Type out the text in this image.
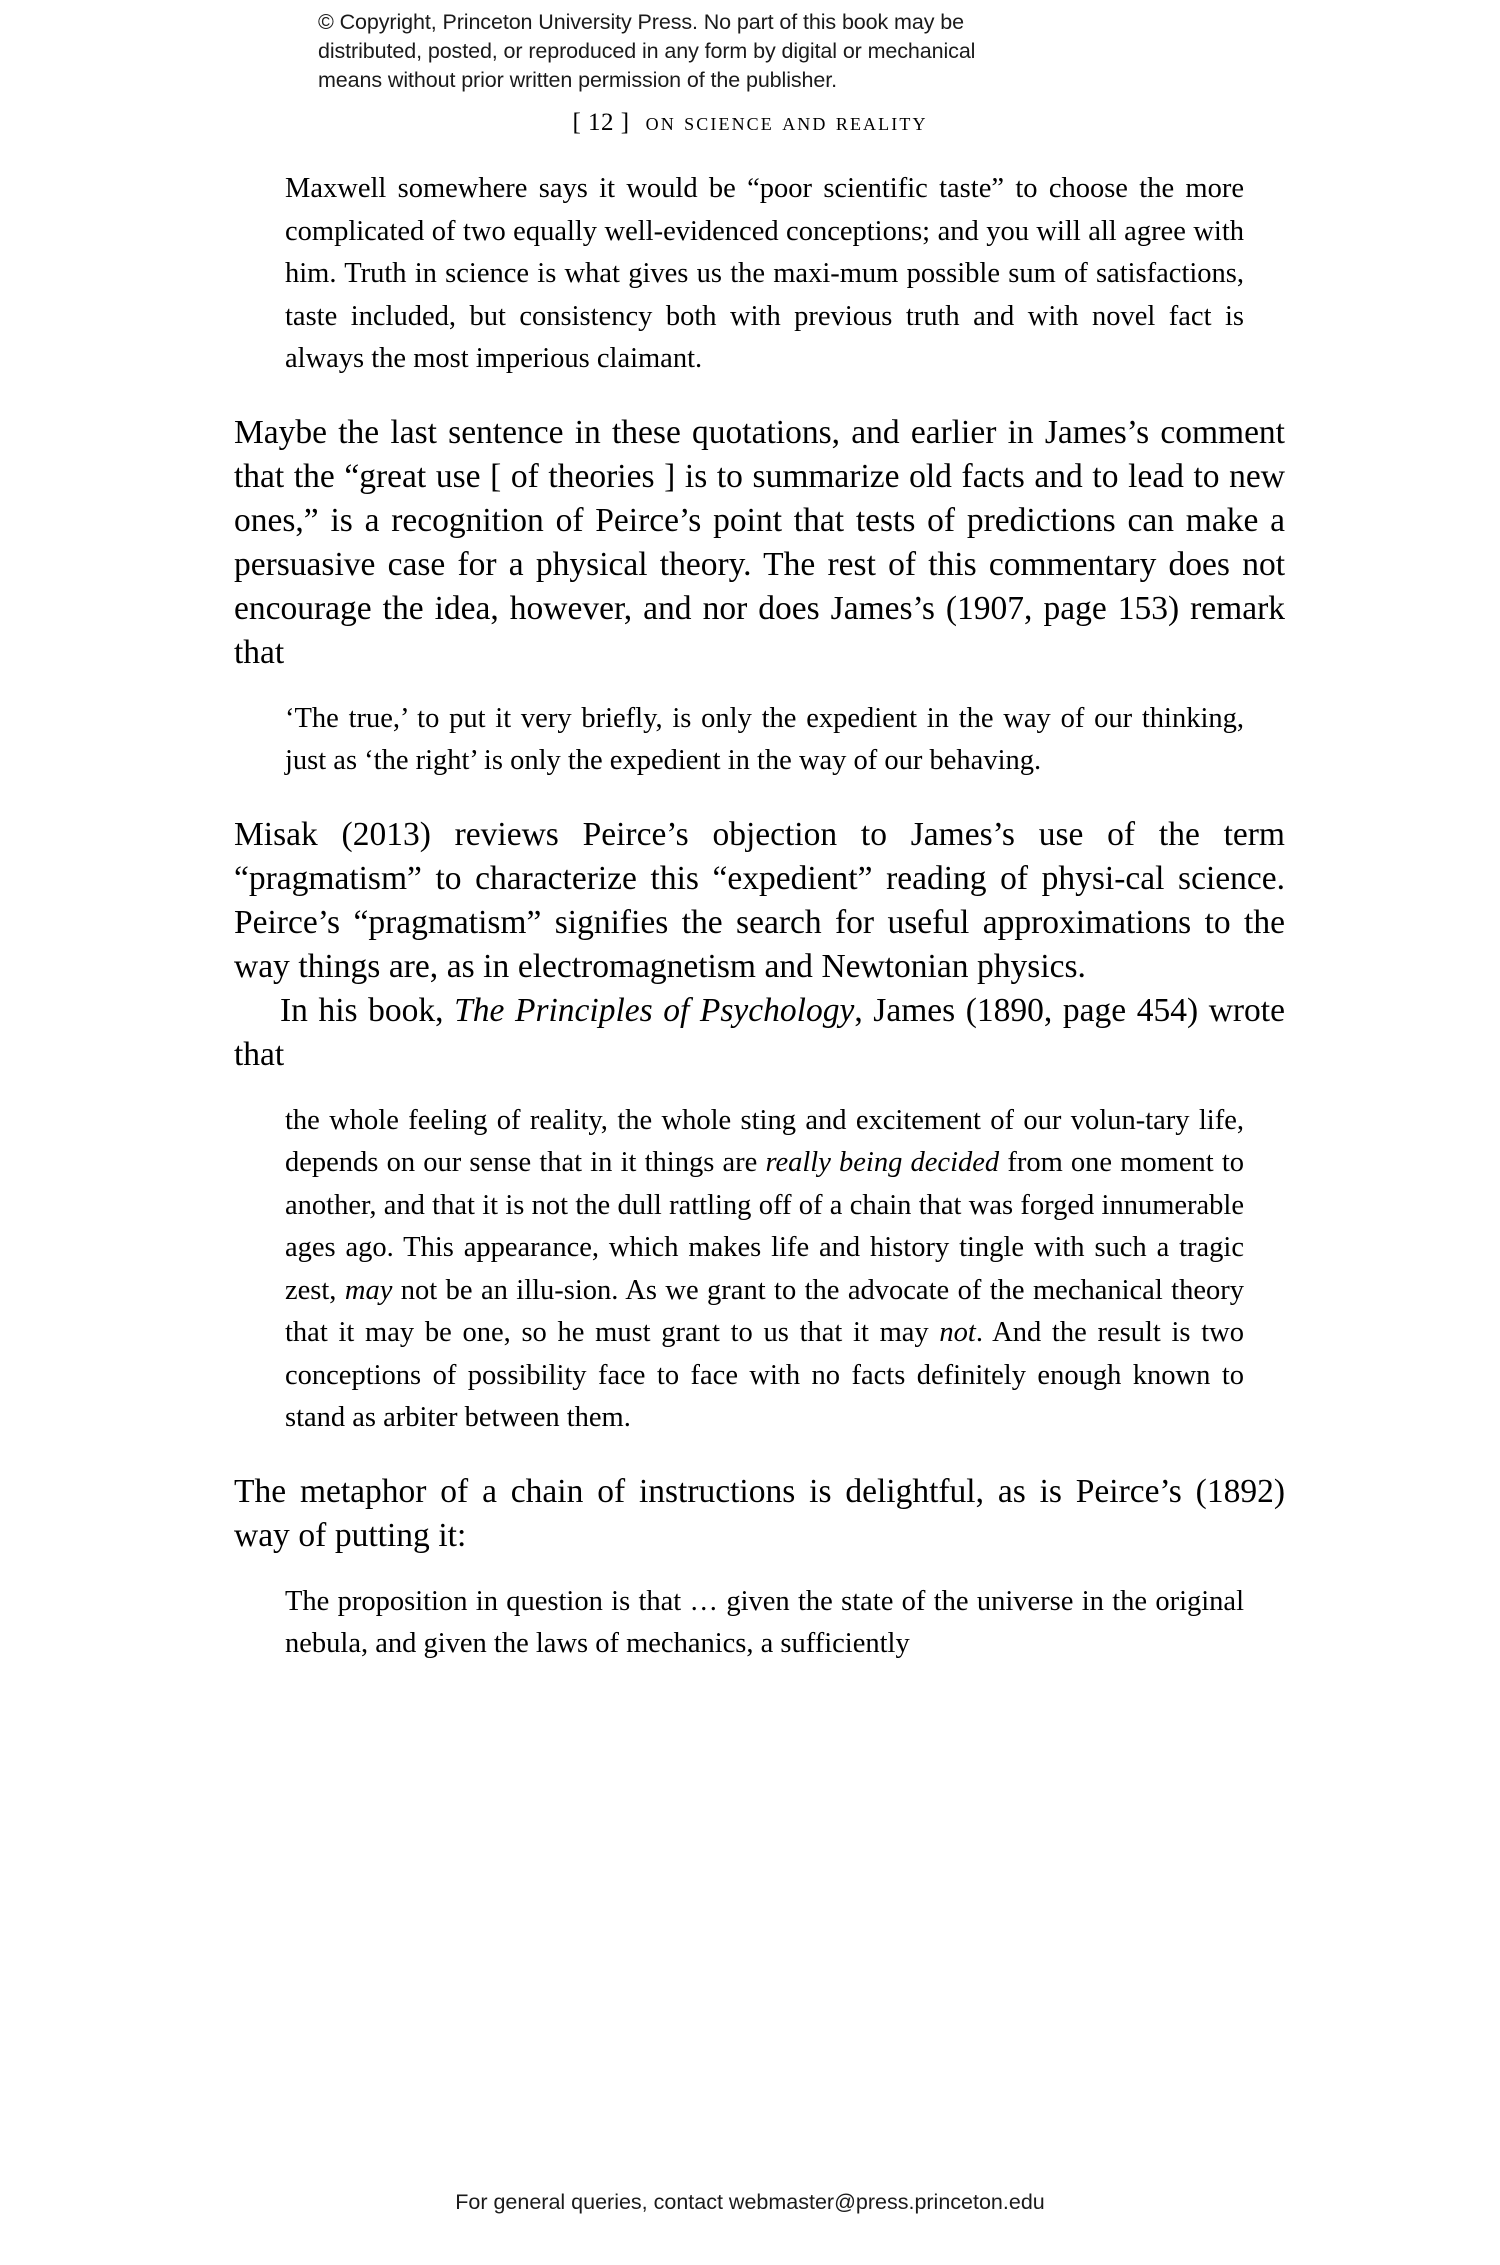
© Copyright, Princeton University Press. No part of this book may be
distributed, posted, or reproduced in any form by digital or mechanical
means without prior written permission of the publisher.
[ 12 ] on science and reality
Maxwell somewhere says it would be “poor scientific taste” to choose the more complicated of two equally well-evidenced conceptions; and you will all agree with him. Truth in science is what gives us the maxi-mum possible sum of satisfactions, taste included, but consistency both with previous truth and with novel fact is always the most imperious claimant.

Maybe the last sentence in these quotations, and earlier in James’s comment that the “great use [ of theories ] is to summarize old facts and to lead to new ones,” is a recognition of Peirce’s point that tests of predictions can make a persuasive case for a physical theory. The rest of this commentary does not encourage the idea, however, and nor does James’s (1907, page 153) remark that

‘The true,’ to put it very briefly, is only the expedient in the way of our thinking, just as ‘the right’ is only the expedient in the way of our behaving.

Misak (2013) reviews Peirce’s objection to James’s use of the term “pragmatism” to characterize this “expedient” reading of physi-cal science. Peirce’s “pragmatism” signifies the search for useful approximations to the way things are, as in electromagnetism and Newtonian physics.

In his book, The Principles of Psychology, James (1890, page 454) wrote that

the whole feeling of reality, the whole sting and excitement of our volun-tary life, depends on our sense that in it things are really being decided from one moment to another, and that it is not the dull rattling off of a chain that was forged innumerable ages ago. This appearance, which makes life and history tingle with such a tragic zest, may not be an illu-sion. As we grant to the advocate of the mechanical theory that it may be one, so he must grant to us that it may not. And the result is two conceptions of possibility face to face with no facts definitely enough known to stand as arbiter between them.

The metaphor of a chain of instructions is delightful, as is Peirce’s (1892) way of putting it:

The proposition in question is that … given the state of the universe in the original nebula, and given the laws of mechanics, a sufficiently
For general queries, contact webmaster@press.princeton.edu
